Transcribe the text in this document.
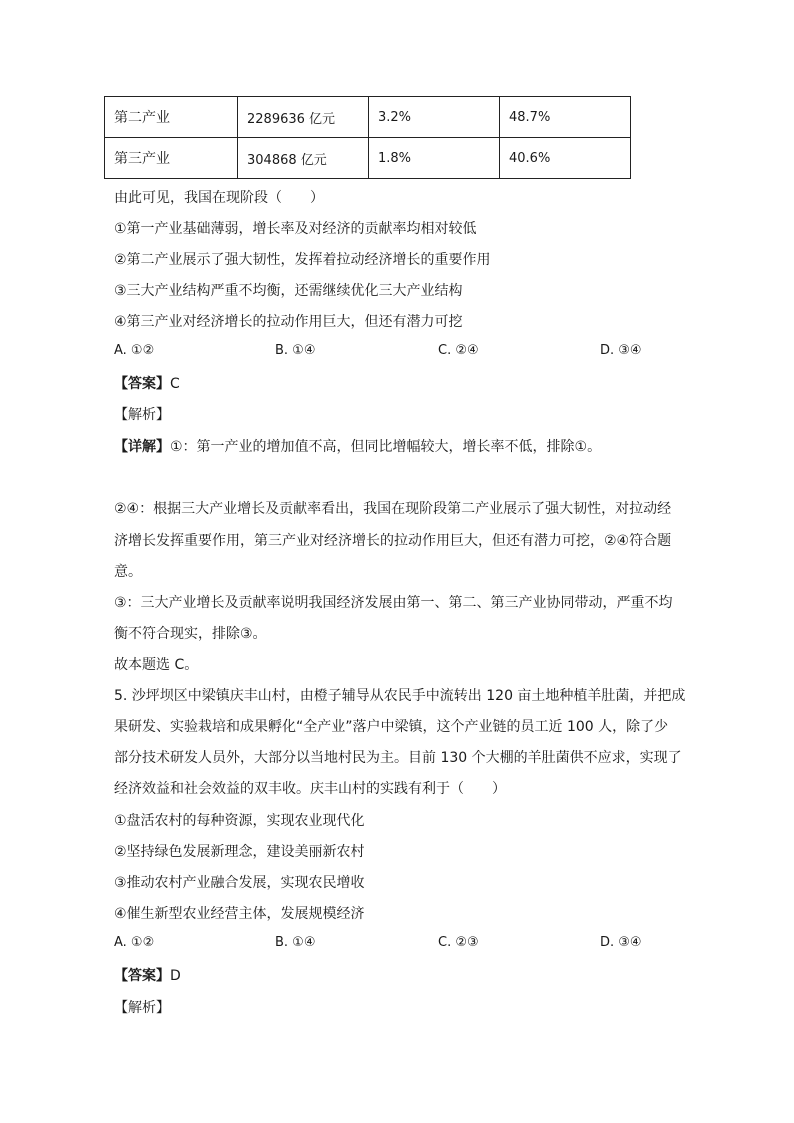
第二产业	2289636 亿元	3.2%	48.7%
第三产业	304868 亿元	1.8%	40.6%
由此可见，我国在现阶段（　　）
①第一产业基础薄弱，增长率及对经济的贡献率均相对较低
②第二产业展示了强大韧性，发挥着拉动经济增长的重要作用
③三大产业结构严重不均衡，还需继续优化三大产业结构
④第三产业对经济增长的拉动作用巨大，但还有潜力可挖
A. ①②	B. ①④	C. ②④	D. ③④
【答案】C
【解析】
【详解】①：第一产业的增加值不高，但同比增幅较大，增长率不低，排除①。
②④：根据三大产业增长及贡献率看出，我国在现阶段第二产业展示了强大韧性，对拉动经
济增长发挥重要作用，第三产业对经济增长的拉动作用巨大，但还有潜力可挖，②④符合题
意。
③：三大产业增长及贡献率说明我国经济发展由第一、第二、第三产业协同带动，严重不均
衡不符合现实，排除③。
故本题选 C。
5. 沙坪坝区中梁镇庆丰山村，由橙子辅导从农民手中流转出 120 亩土地种植羊肚菌，并把成
果研发、实验栽培和成果孵化“全产业”落户中梁镇，这个产业链的员工近 100 人，除了少
部分技术研发人员外，大部分以当地村民为主。目前 130 个大棚的羊肚菌供不应求，实现了
经济效益和社会效益的双丰收。庆丰山村的实践有利于（　　）
①盘活农村的每种资源，实现农业现代化
②坚持绿色发展新理念，建设美丽新农村
③推动农村产业融合发展，实现农民增收
④催生新型农业经营主体，发展规模经济
A. ①②	B. ①④	C. ②③	D. ③④
【答案】D
【解析】
